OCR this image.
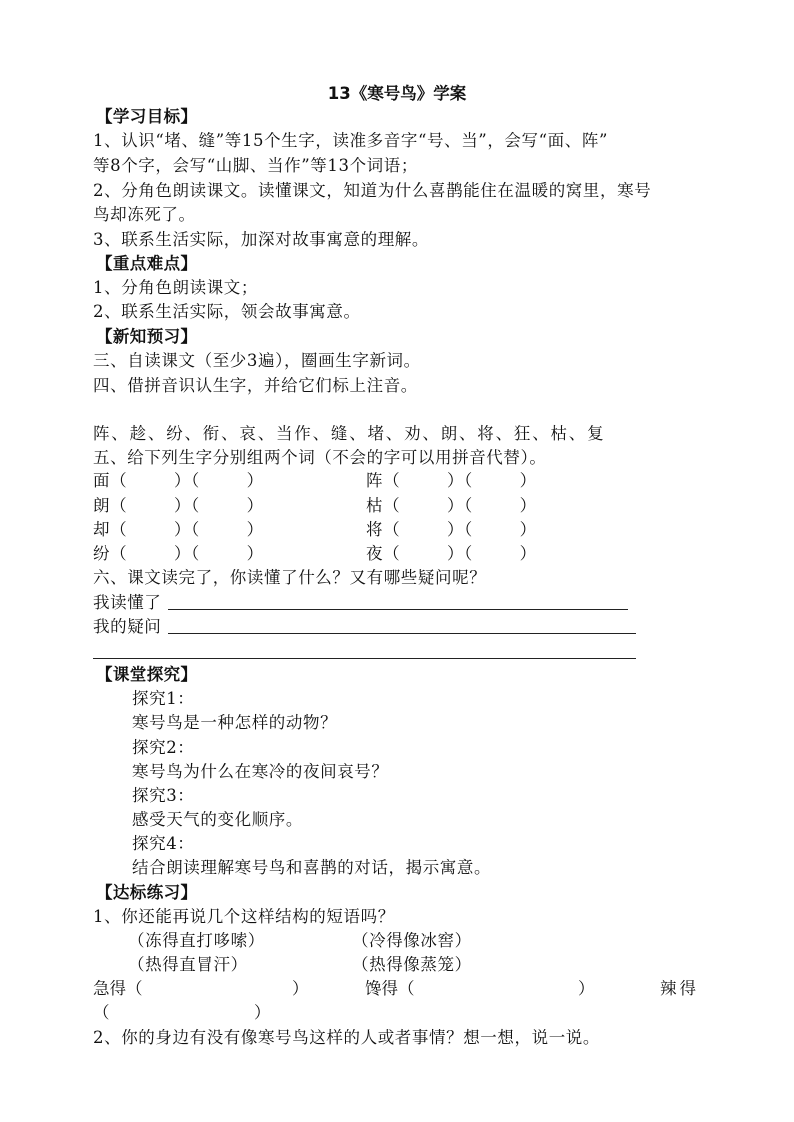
13《寒号鸟》学案
【学习目标】
1、认识“堵、缝”等15个生字，读准多音字“号、当”，会写“面、阵”
等8个字，会写“山脚、当作”等13个词语；
2、分角色朗读课文。读懂课文，知道为什么喜鹊能住在温暖的窝里，寒号
鸟却冻死了。
3、联系生活实际，加深对故事寓意的理解。
【重点难点】
1、分角色朗读课文；
2、联系生活实际，领会故事寓意。
【新知预习】
三、自读课文（至少3遍），圈画生字新词。
四、借拼音识认生字，并给它们标上注音。
阵、趁、纷、衔、哀、当作、缝、堵、劝、朗、将、狂、枯、复
五、给下列生字分别组两个词（不会的字可以用拼音代替）。
面（        ）（        ）	阵（        ）（        ）
朗（        ）（        ）	枯（        ）（        ）
却（        ）（        ）	将（        ）（        ）
纷（        ）（        ）	夜（        ）（        ）
六、课文读完了，你读懂了什么？又有哪些疑问呢？
我读懂了
我的疑问
【课堂探究】
探究1：
寒号鸟是一种怎样的动物？
探究2：
寒号鸟为什么在寒冷的夜间哀号？
探究3：
感受天气的变化顺序。
探究4：
结合朗读理解寒号鸟和喜鹊的对话，揭示寓意。
【达标练习】
1、你还能再说几个这样结构的短语吗？
（冻得直打哆嗦）	（冷得像冰窖）
（热得直冒汗）	（热得像蒸笼）
急得（	）	馋得（	）	辣得
（	）
2、你的身边有没有像寒号鸟这样的人或者事情？想一想，说一说。
